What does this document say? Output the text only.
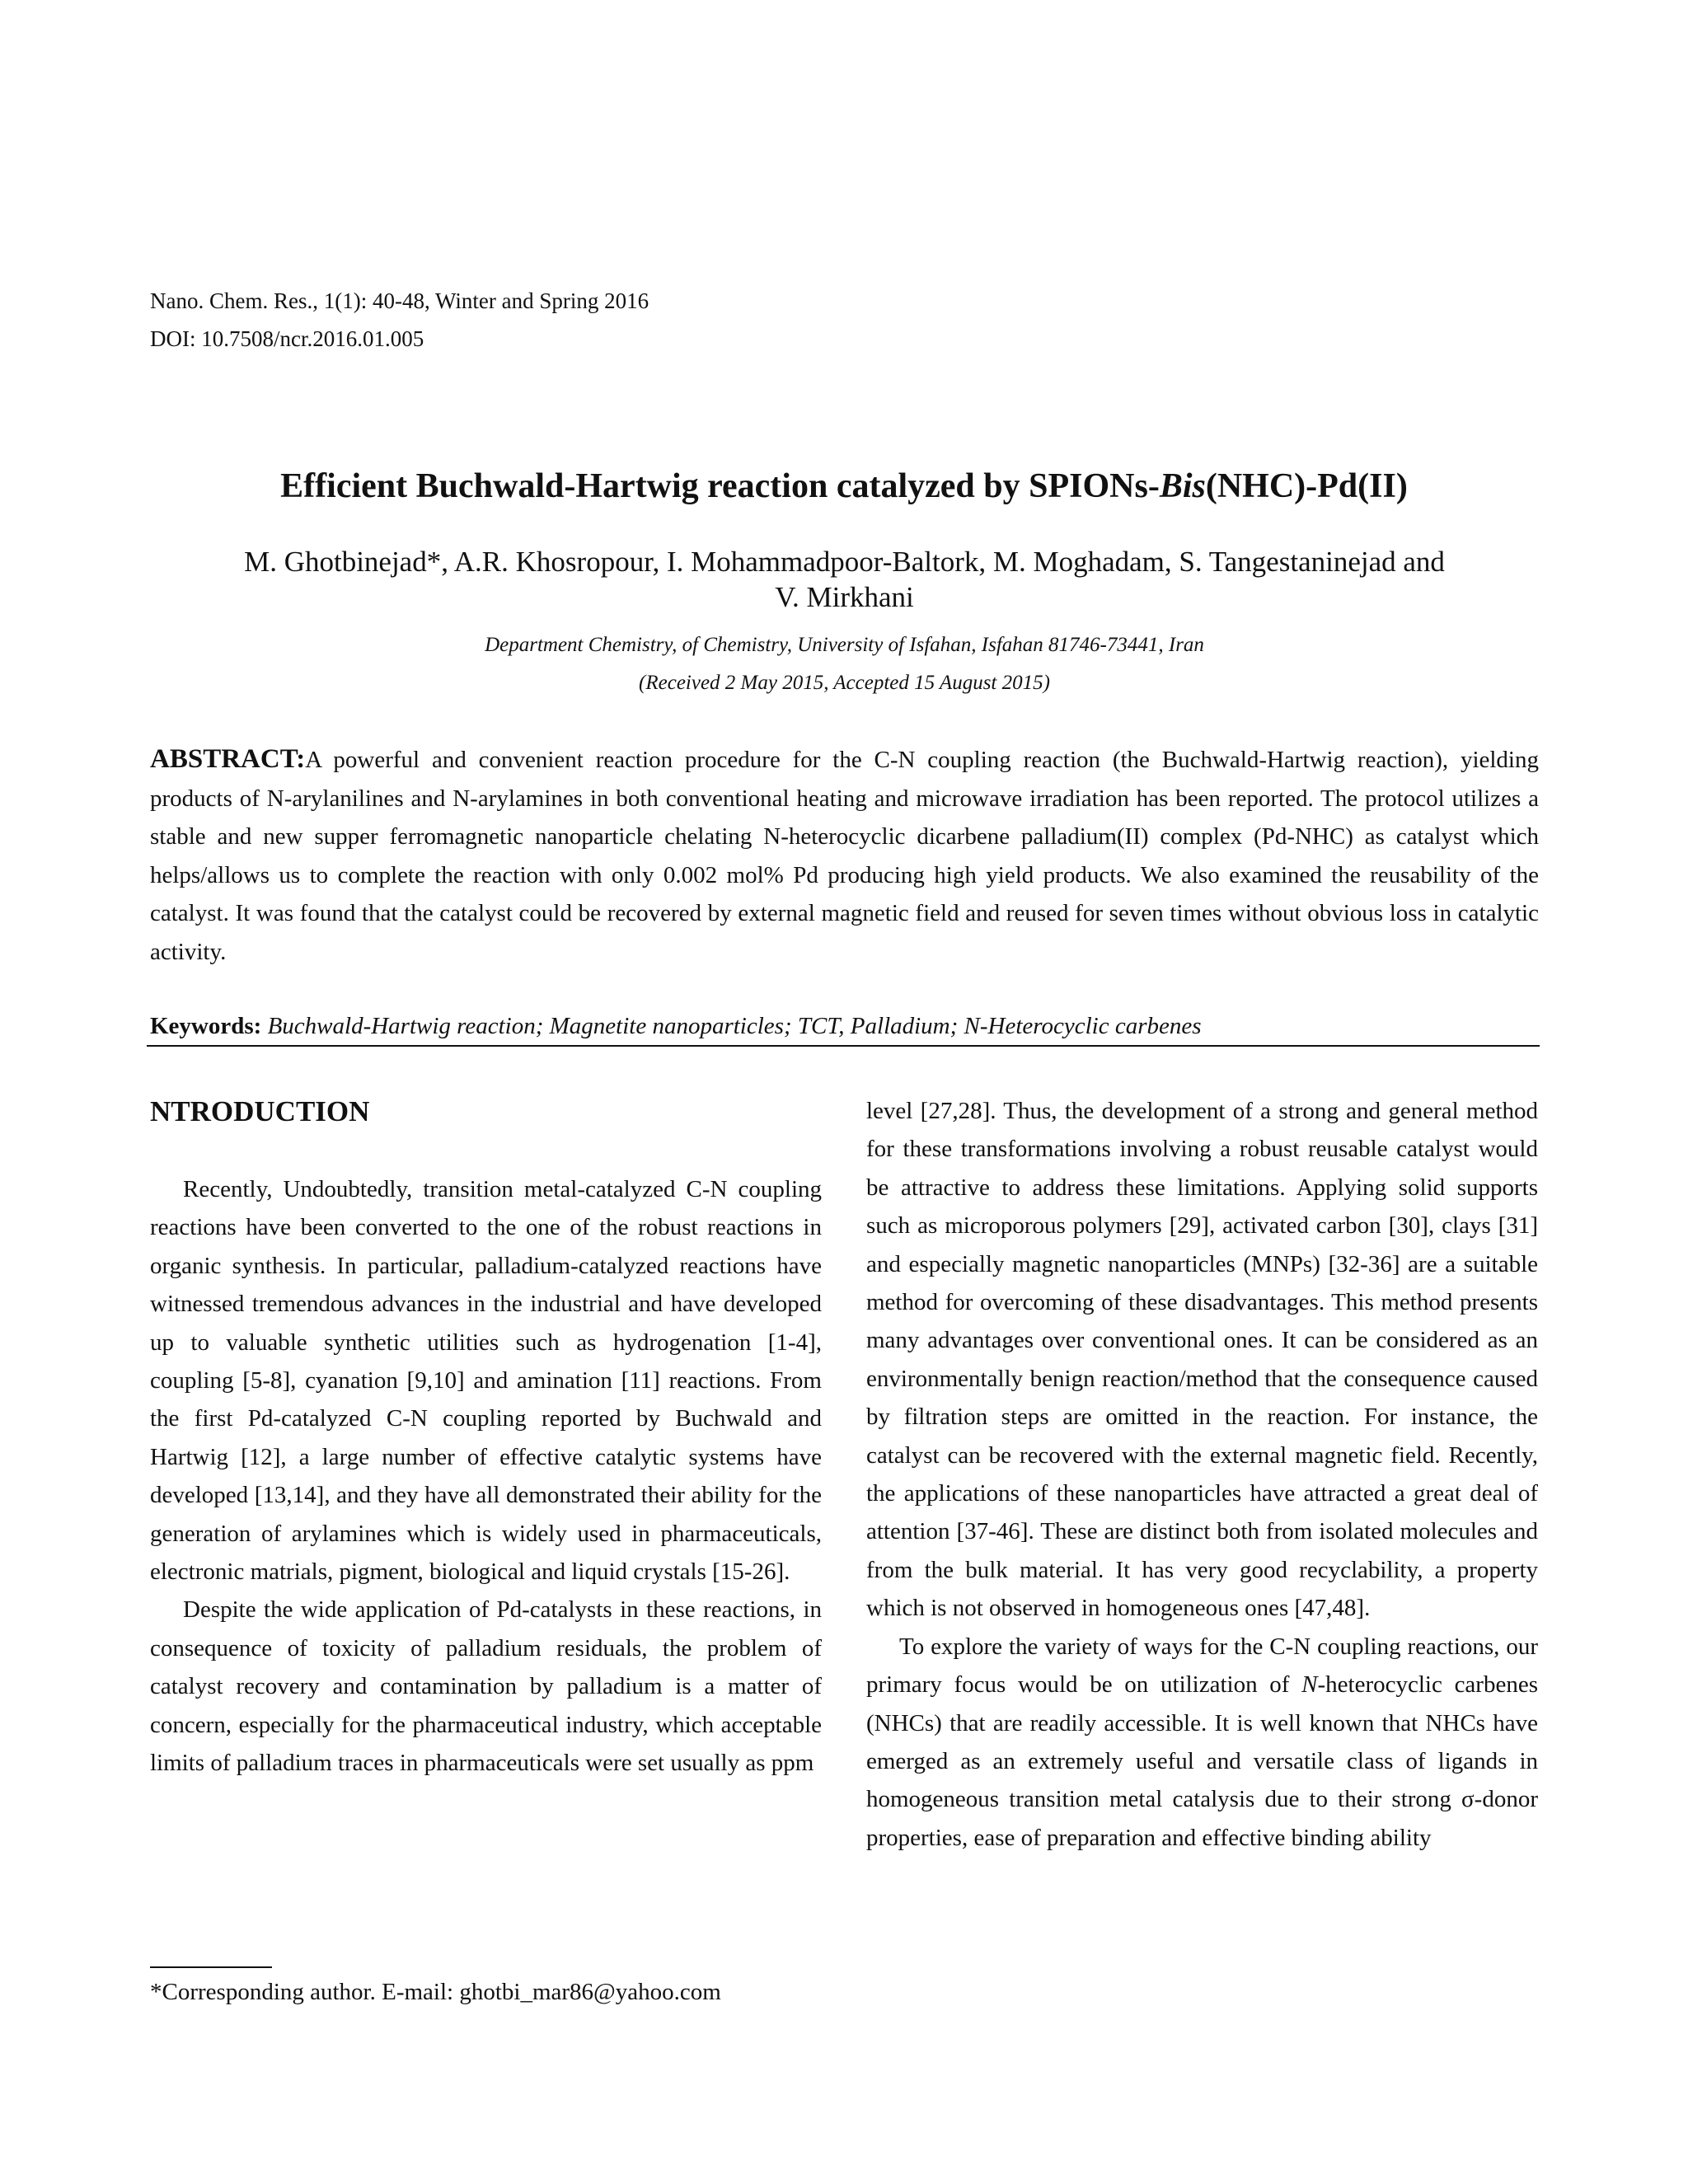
Nano. Chem. Res., 1(1): 40-48, Winter and Spring 2016
DOI: 10.7508/ncr.2016.01.005
Efficient Buchwald-Hartwig reaction catalyzed by SPIONs-Bis(NHC)-Pd(II)
M. Ghotbinejad*, A.R. Khosropour, I. Mohammadpoor-Baltork, M. Moghadam, S. Tangestaninejad and
V. Mirkhani
Department Chemistry, of Chemistry, University of Isfahan, Isfahan 81746-73441, Iran
(Received 2 May 2015, Accepted 15 August 2015)
ABSTRACT:A powerful and convenient reaction procedure for the C-N coupling reaction (the Buchwald-Hartwig reaction), yielding products of N-arylanilines and N-arylamines in both conventional heating and microwave irradiation has been reported. The protocol utilizes a stable and new supper ferromagnetic nanoparticle chelating N-heterocyclic dicarbene palladium(II) complex (Pd-NHC) as catalyst which helps/allows us to complete the reaction with only 0.002 mol% Pd producing high yield products. We also examined the reusability of the catalyst. It was found that the catalyst could be recovered by external magnetic field and reused for seven times without obvious loss in catalytic activity.
Keywords: Buchwald-Hartwig reaction; Magnetite nanoparticles; TCT, Palladium; N-Heterocyclic carbenes
NTRODUCTION

Recently, Undoubtedly, transition metal-catalyzed C-N coupling reactions have been converted to the one of the robust reactions in organic synthesis. In particular, palladium-catalyzed reactions have witnessed tremendous advances in the industrial and have developed up to valuable synthetic utilities such as hydrogenation [1-4], coupling [5-8], cyanation [9,10] and amination [11] reactions. From the first Pd-catalyzed C-N coupling reported by Buchwald and Hartwig [12], a large number of effective catalytic systems have developed [13,14], and they have all demonstrated their ability for the generation of arylamines which is widely used in pharmaceuticals, electronic matrials, pigment, biological and liquid crystals [15-26].

Despite the wide application of Pd-catalysts in these reactions, in consequence of toxicity of palladium residuals, the problem of catalyst recovery and contamination by palladium is a matter of concern, especially for the pharmaceutical industry, which acceptable limits of palladium traces in pharmaceuticals were set usually as ppm

level [27,28]. Thus, the development of a strong and general method for these transformations involving a robust reusable catalyst would be attractive to address these limitations. Applying solid supports such as microporous polymers [29], activated carbon [30], clays [31] and especially magnetic nanoparticles (MNPs) [32-36] are a suitable method for overcoming of these disadvantages. This method presents many advantages over conventional ones. It can be considered as an environmentally benign reaction/method that the consequence caused by filtration steps are omitted in the reaction. For instance, the catalyst can be recovered with the external magnetic field. Recently, the applications of these nanoparticles have attracted a great deal of attention [37-46]. These are distinct both from isolated molecules and from the bulk material. It has very good recyclability, a property which is not observed in homogeneous ones [47,48].

To explore the variety of ways for the C-N coupling reactions, our primary focus would be on utilization of N-heterocyclic carbenes (NHCs) that are readily accessible. It is well known that NHCs have emerged as an extremely useful and versatile class of ligands in homogeneous transition metal catalysis due to their strong σ-donor properties, ease of preparation and effective binding ability

*Corresponding author. E-mail: ghotbi_mar86@yahoo.com
